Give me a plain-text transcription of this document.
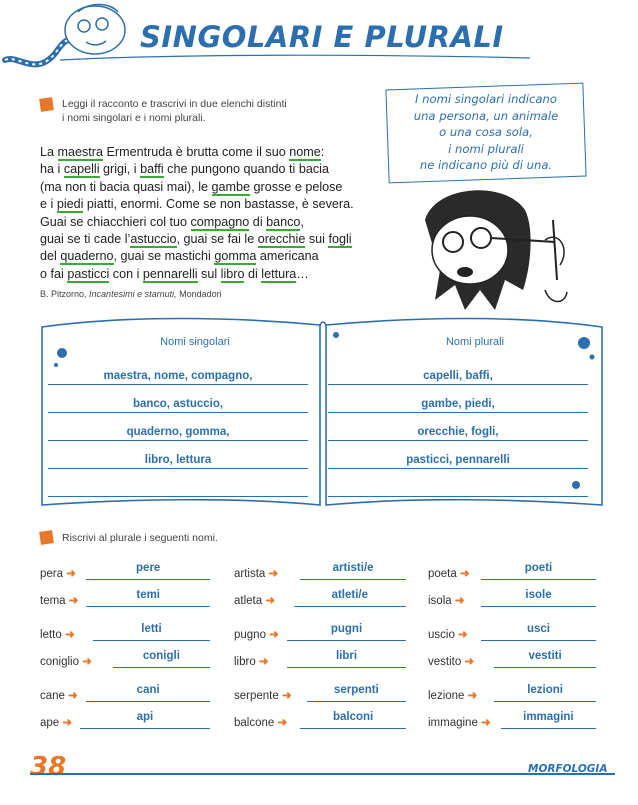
SINGOLARI E PLURALI
Leggi il racconto e trascrivi in due elenchi distinti
i nomi singolari e i nomi plurali.
I nomi singolari indicano
una persona, un animale
o una cosa sola,
i nomi plurali
ne indicano più di una.
La maestra Ermentruda è brutta come il suo nome:
ha i capelli grigi, i baffi che pungono quando ti bacia
(ma non ti bacia quasi mai), le gambe grosse e pelose
e i piedi piatti, enormi. Come se non bastasse, è severa.
Guai se chiacchieri col tuo compagno di banco,
guai se ti cade l’astuccio, guai se fai le orecchie sui fogli
del quaderno, guai se mastichi gomma americana
o fai pasticci con i pennarelli sul libro di lettura…
B. Pitzorno, Incantesimi e starnuti, Mondadori
Nomi singolari	Nomi plurali
maestra, nome, compagno,
banco, astuccio,
quaderno, gomma,
libro, lettura
capelli, baffi,
gambe, piedi,
orecchie, fogli,
pasticci, pennarelli
Riscrivi al plurale i seguenti nomi.
pera ➜	pere	artista ➜	artisti/e	poeta ➜	poeti
tema ➜	temi	atleta ➜	atleti/e	isola ➜	isole
letto ➜	letti	pugno ➜	pugni	uscio ➜	usci
coniglio ➜	conigli	libro ➜	libri	vestito ➜	vestiti
cane ➜	cani	serpente ➜	serpenti	lezione ➜	lezioni
ape ➜	api	balcone ➜	balconi	immagine ➜	immagini
38	MORFOLOGIA
